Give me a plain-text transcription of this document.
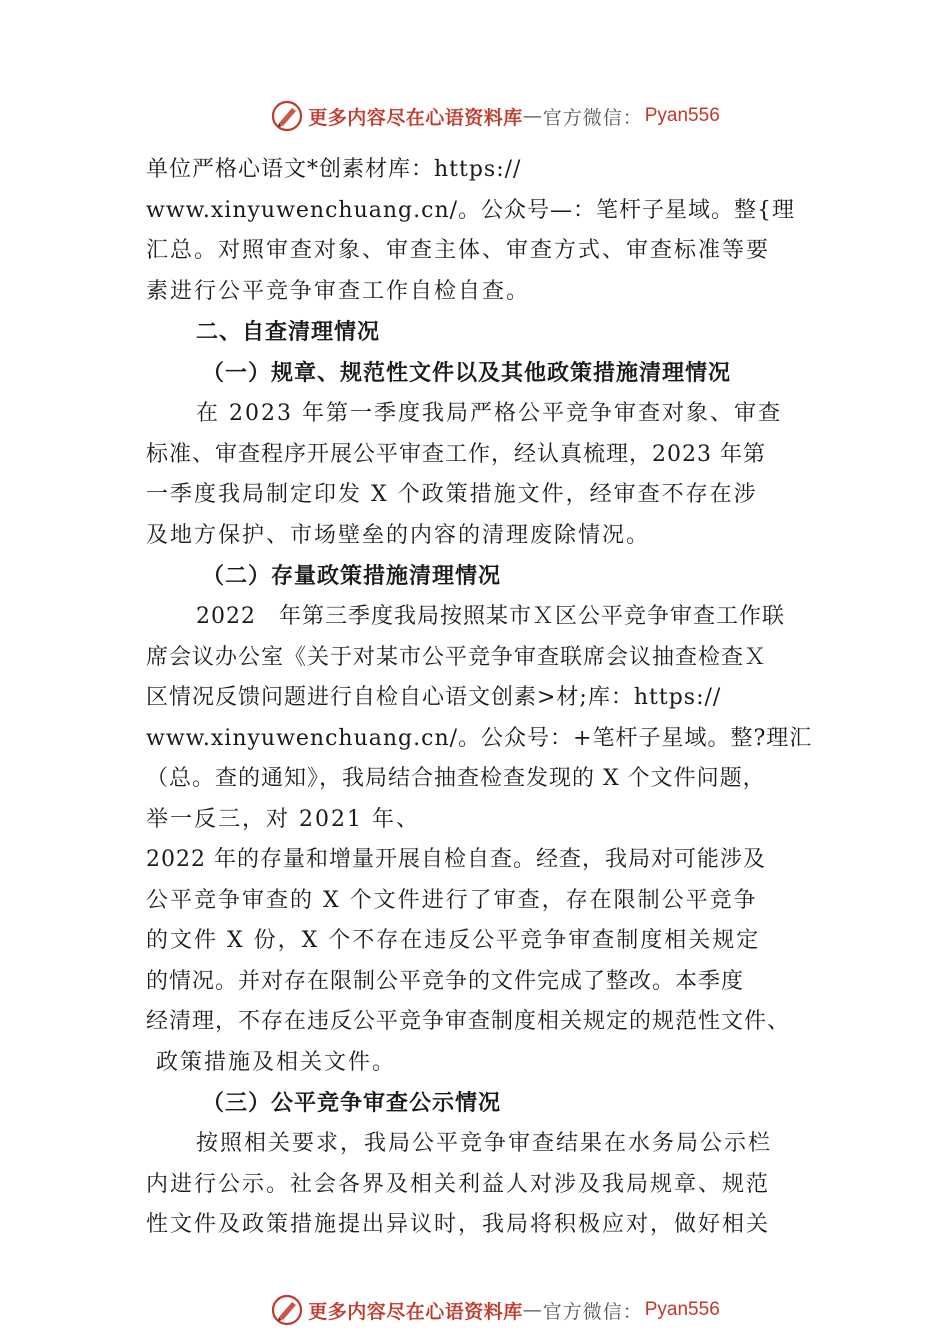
更多内容尽在心语资料库 — 官方微信： Pyan556
单位严格心语文*创素材库：https://
www.xinyuwenchuang.cn/。公众号—：笔杆子星域。整{理
汇总。对照审查对象、审查主体、审查方式、审查标准等要
素进行公平竞争审查工作自检自查。
二、自查清理情况
（一）规章、规范性文件以及其他政策措施清理情况
在 2023 年第一季度我局严格公平竞争审查对象、审查
标准、审查程序开展公平审查工作，经认真梳理，2023 年第
一季度我局制定印发 X 个政策措施文件，经审查不存在涉
及地方保护、市场壁垒的内容的清理废除情况。
（二）存量政策措施清理情况
2022　年第三季度我局按照某市Ｘ区公平竞争审查工作联
席会议办公室《关于对某市公平竞争审查联席会议抽查检查Ｘ
区情况反馈问题进行自检自心语文创素>材;库：https://
www.xinyuwenchuang.cn/。公众号：+笔杆子星域。整?理汇
（总。查的通知》，我局结合抽查检查发现的 X 个文件问题，
举一反三，对 2021 年、
2022 年的存量和增量开展自检自查。经查，我局对可能涉及
公平竞争审查的 X 个文件进行了审查，存在限制公平竞争
的文件 X 份，X 个不存在违反公平竞争审查制度相关规定
的情况。并对存在限制公平竞争的文件完成了整改。本季度
经清理，不存在违反公平竞争审查制度相关规定的规范性文件、
政策措施及相关文件。
（三）公平竞争审查公示情况
按照相关要求，我局公平竞争审查结果在水务局公示栏
内进行公示。社会各界及相关利益人对涉及我局规章、规范
性文件及政策措施提出异议时，我局将积极应对，做好相关
更多内容尽在心语资料库 — 官方微信： Pyan556
